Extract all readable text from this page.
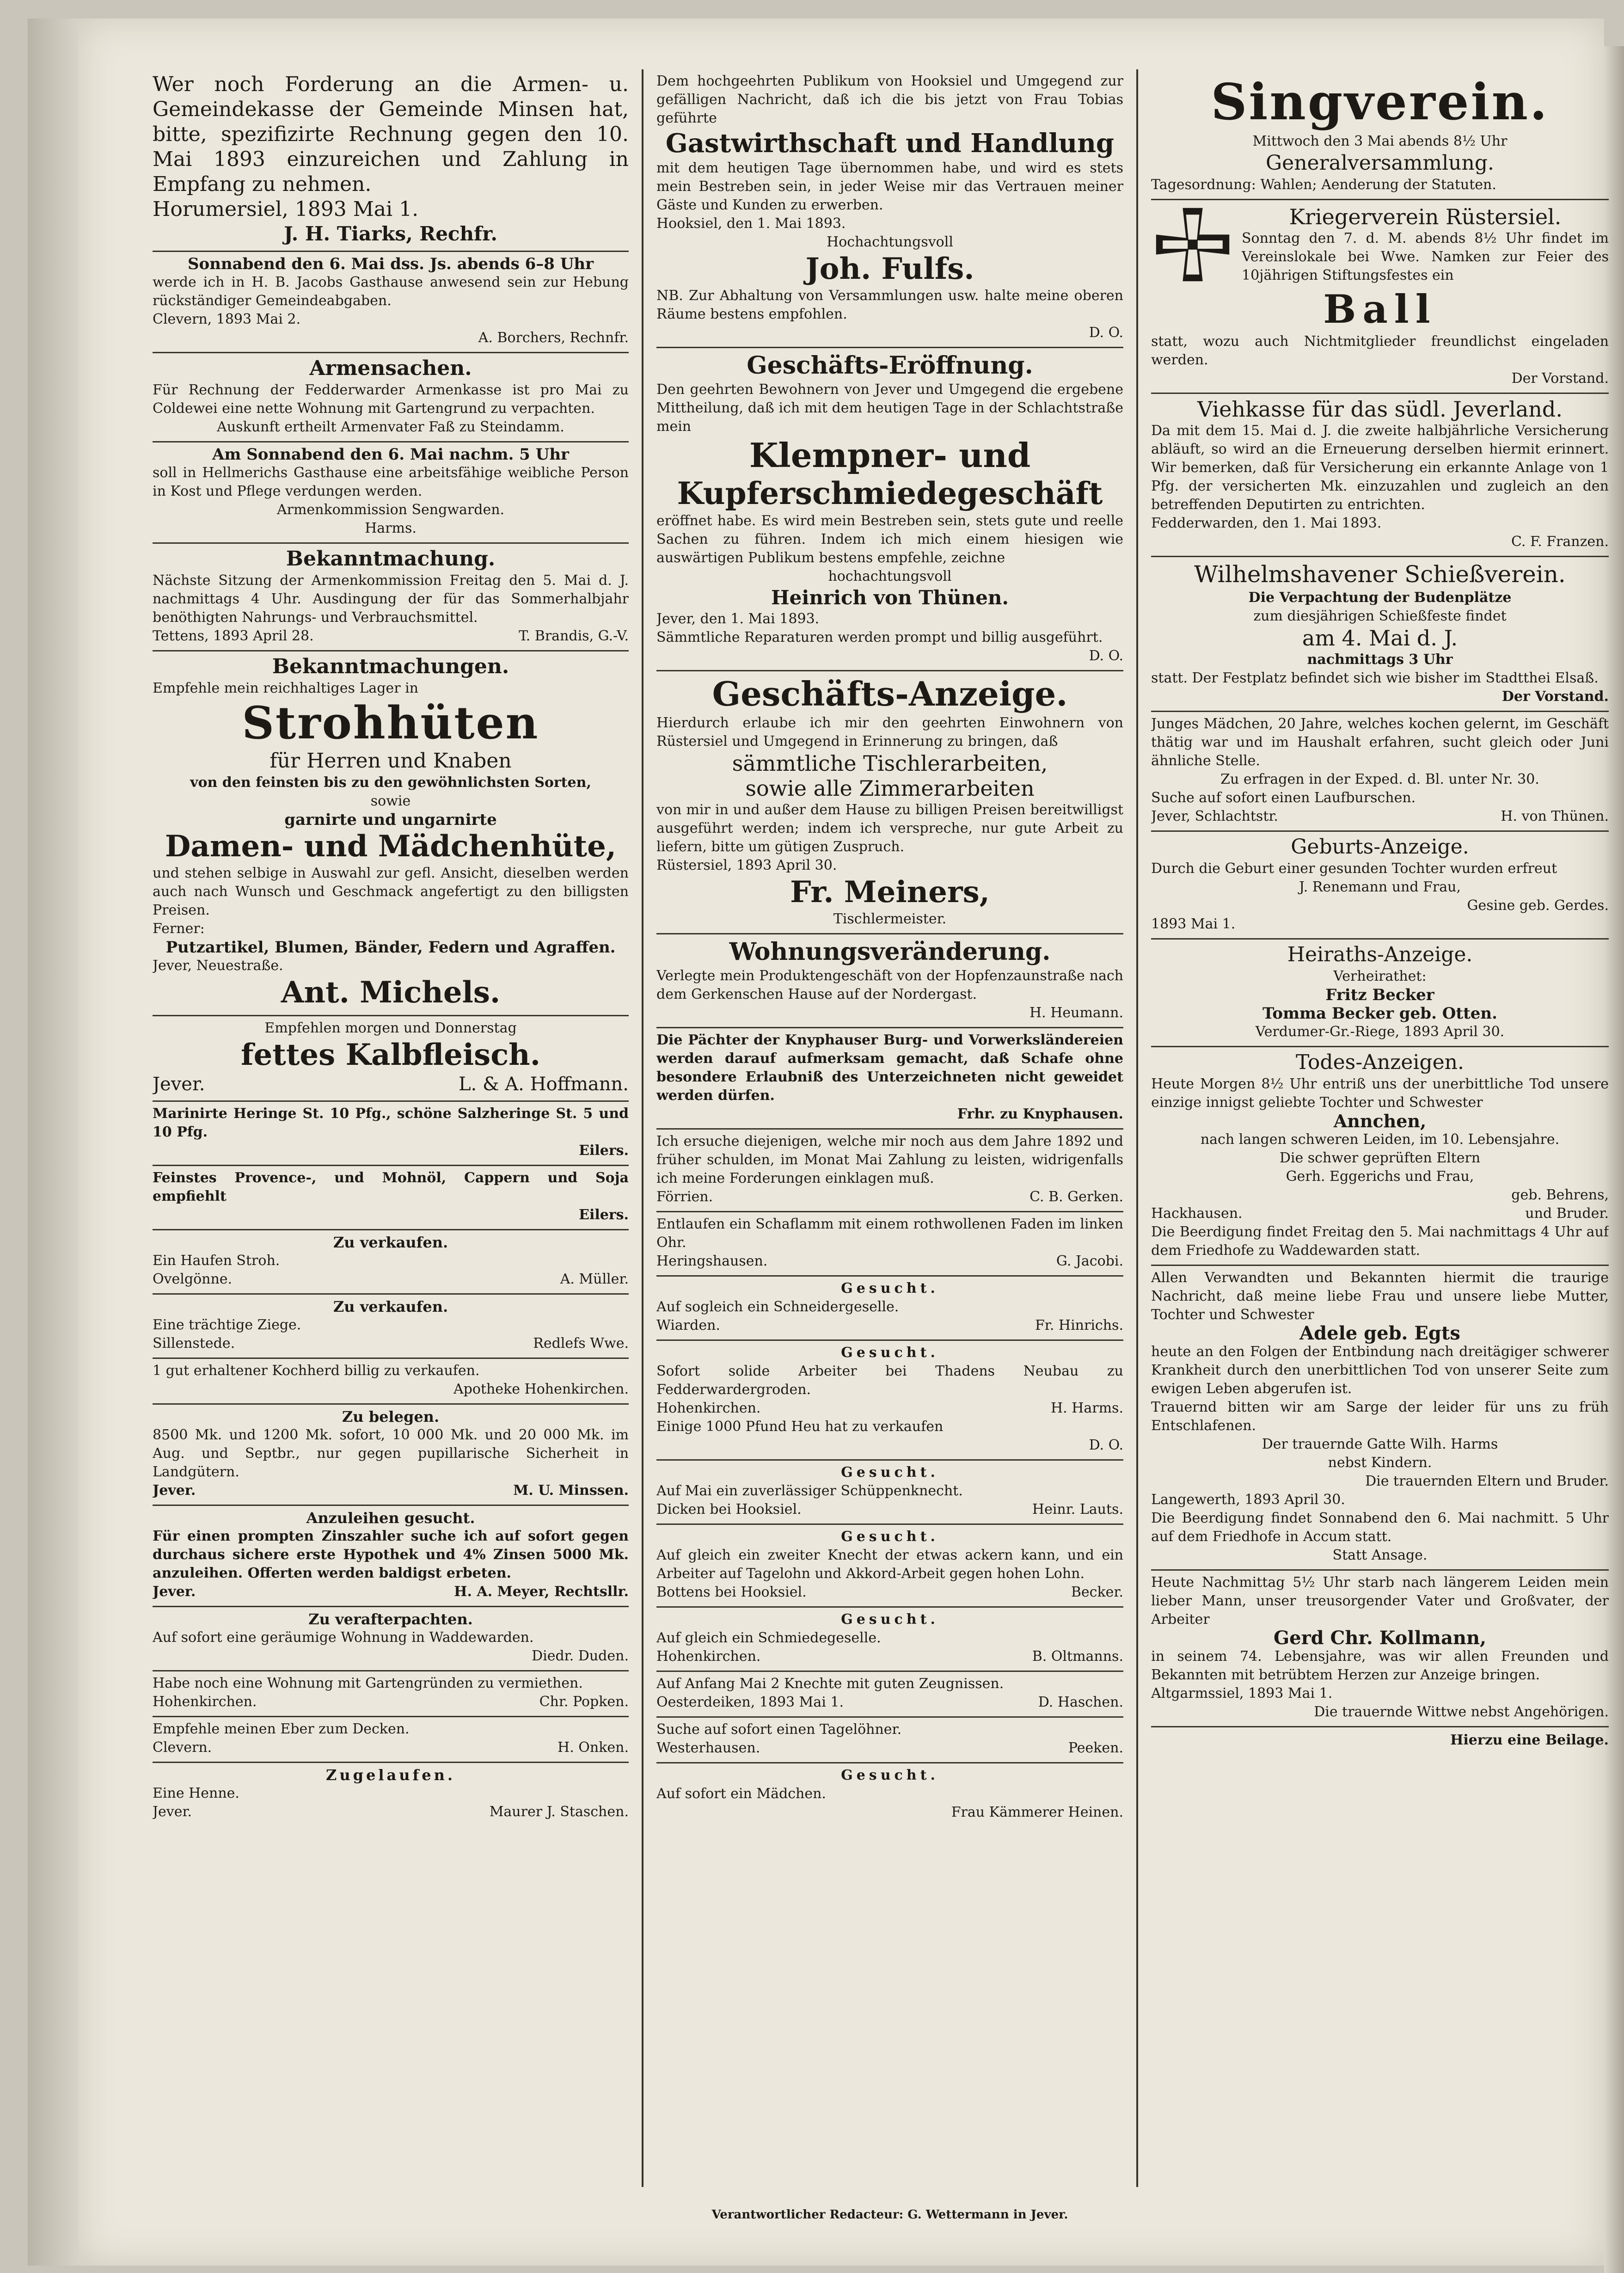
Wer noch Forderung an die Armen- u. Gemeindekasse der Gemeinde Minsen hat, bitte, spezifizirte Rechnung gegen den 10. Mai 1893 einzureichen und Zahlung in Empfang zu nehmen.

Horumersiel, 1893 Mai 1.

J. H. Tiarks, Rechfr.

Sonnabend den 6. Mai dss. Js. abends 6–8 Uhr

werde ich in H. B. Jacobs Gasthause anwesend sein zur Hebung rückständiger Gemeindeabgaben.

Clevern, 1893 Mai 2.

A. Borchers, Rechnfr.

Armensachen.

Für Rechnung der Fedderwarder Armenkasse ist pro Mai zu Coldewei eine nette Wohnung mit Gartengrund zu verpachten.

Auskunft ertheilt Armenvater Faß zu Steindamm.

Am Sonnabend den 6. Mai nachm. 5 Uhr

soll in Hellmerichs Gasthause eine arbeitsfähige weibliche Person in Kost und Pflege verdungen werden.

Armenkommission Sengwarden.

Harms.

Bekanntmachung.

Nächste Sitzung der Armenkommission Freitag den 5. Mai d. J. nachmittags 4 Uhr. Ausdingung der für das Sommerhalbjahr benöthigten Nahrungs- und Verbrauchsmittel.

Tettens, 1893 April 28.	T. Brandis, G.-V.

Bekanntmachungen.

Empfehle mein reichhaltiges Lager in

Strohhüten

für Herren und Knaben

von den feinsten bis zu den gewöhnlichsten Sorten,

sowie

garnirte und ungarnirte

Damen- und Mädchenhüte,

und stehen selbige in Auswahl zur gefl. Ansicht, dieselben werden auch nach Wunsch und Geschmack angefertigt zu den billigsten Preisen.

Ferner:

Putzartikel, Blumen, Bänder, Federn und Agraffen.

Jever, Neuestraße.

Ant. Michels.

Empfehlen morgen und Donnerstag

fettes Kalbfleisch.

Jever.	L. & A. Hoffmann.

Marinirte Heringe St. 10 Pfg., schöne Salzheringe St. 5 und 10 Pfg.

Eilers.

Feinstes Provence-, und Mohnöl, Cappern und Soja empfiehlt

Eilers.

Zu verkaufen.

Ein Haufen Stroh.

Ovelgönne.	A. Müller.

Zu verkaufen.

Eine trächtige Ziege.

Sillenstede.	Redlefs Wwe.

1 gut erhaltener Kochherd billig zu verkaufen.

Apotheke Hohenkirchen.

Zu belegen.

8500 Mk. und 1200 Mk. sofort, 10 000 Mk. und 20 000 Mk. im Aug. und Septbr., nur gegen pupillarische Sicherheit in Landgütern.

Jever.	M. U. Minssen.

Anzuleihen gesucht.

Für einen prompten Zinszahler suche ich auf sofort gegen durchaus sichere erste Hypothek und 4% Zinsen 5000 Mk. anzuleihen. Offerten werden baldigst erbeten.

Jever.	H. A. Meyer, Rechtsllr.

Zu verafterpachten.

Auf sofort eine geräumige Wohnung in Waddewarden.

Diedr. Duden.

Habe noch eine Wohnung mit Gartengründen zu vermiethen.

Hohenkirchen.	Chr. Popken.

Empfehle meinen Eber zum Decken.

Clevern.	H. Onken.

Zugelaufen.

Eine Henne.

Jever.	Maurer J. Staschen.

Dem hochgeehrten Publikum von Hooksiel und Umgegend zur gefälligen Nachricht, daß ich die bis jetzt von Frau Tobias geführte

Gastwirthschaft und Handlung

mit dem heutigen Tage übernommen habe, und wird es stets mein Bestreben sein, in jeder Weise mir das Vertrauen meiner Gäste und Kunden zu erwerben.

Hooksiel, den 1. Mai 1893.

Hochachtungsvoll

Joh. Fulfs.

NB. Zur Abhaltung von Versammlungen usw. halte meine oberen Räume bestens empfohlen.

D. O.

Geschäfts-Eröffnung.

Den geehrten Bewohnern von Jever und Umgegend die ergebene Mittheilung, daß ich mit dem heutigen Tage in der Schlachtstraße mein

Klempner- und

Kupferschmiedegeschäft

eröffnet habe. Es wird mein Bestreben sein, stets gute und reelle Sachen zu führen. Indem ich mich einem hiesigen wie auswärtigen Publikum bestens empfehle, zeichne

hochachtungsvoll

Heinrich von Thünen.

Jever, den 1. Mai 1893.

Sämmtliche Reparaturen werden prompt und billig ausgeführt.

D. O.

Geschäfts-Anzeige.

Hierdurch erlaube ich mir den geehrten Einwohnern von Rüstersiel und Umgegend in Erinnerung zu bringen, daß

sämmtliche Tischlerarbeiten,

sowie alle Zimmerarbeiten

von mir in und außer dem Hause zu billigen Preisen bereitwilligst ausgeführt werden; indem ich verspreche, nur gute Arbeit zu liefern, bitte um gütigen Zuspruch.

Rüstersiel, 1893 April 30.

Fr. Meiners,

Tischlermeister.

Wohnungsveränderung.

Verlegte mein Produktengeschäft von der Hopfenzaunstraße nach dem Gerkenschen Hause auf der Nordergast.

H. Heumann.

Die Pächter der Knyphauser Burg- und Vorwerksländereien werden darauf aufmerksam gemacht, daß Schafe ohne besondere Erlaubniß des Unterzeichneten nicht geweidet werden dürfen.

Frhr. zu Knyphausen.

Ich ersuche diejenigen, welche mir noch aus dem Jahre 1892 und früher schulden, im Monat Mai Zahlung zu leisten, widrigenfalls ich meine Forderungen einklagen muß.

Förrien.	C. B. Gerken.

Entlaufen ein Schaflamm mit einem rothwollenen Faden im linken Ohr.

Heringshausen.	G. Jacobi.

Gesucht.

Auf sogleich ein Schneidergeselle.

Wiarden.	Fr. Hinrichs.

Gesucht.

Sofort solide Arbeiter bei Thadens Neubau zu Fedderwardergroden.

Hohenkirchen.	H. Harms.

Einige 1000 Pfund Heu hat zu verkaufen

D. O.

Gesucht.

Auf Mai ein zuverlässiger Schüppenknecht.

Dicken bei Hooksiel.	Heinr. Lauts.

Gesucht.

Auf gleich ein zweiter Knecht der etwas ackern kann, und ein Arbeiter auf Tagelohn und Akkord-Arbeit gegen hohen Lohn.

Bottens bei Hooksiel.	Becker.

Gesucht.

Auf gleich ein Schmiedegeselle.

Hohenkirchen.	B. Oltmanns.

Auf Anfang Mai 2 Knechte mit guten Zeugnissen.

Oesterdeiken, 1893 Mai 1.	D. Haschen.

Suche auf sofort einen Tagelöhner.

Westerhausen.	Peeken.

Gesucht.

Auf sofort ein Mädchen.

Frau Kämmerer Heinen.

Verantwortlicher Redacteur: G. Wettermann in Jever.

Singverein.

Mittwoch den 3 Mai abends 8½ Uhr

Generalversammlung.

Tagesordnung: Wahlen; Aenderung der Statuten.

Kriegerverein Rüstersiel.

Sonntag den 7. d. M. abends 8½ Uhr findet im Vereinslokale bei Wwe. Namken zur Feier des 10jährigen Stiftungsfestes ein

Ball

statt, wozu auch Nichtmitglieder freundlichst eingeladen werden.

Der Vorstand.

Viehkasse für das südl. Jeverland.

Da mit dem 15. Mai d. J. die zweite halbjährliche Versicherung abläuft, so wird an die Erneuerung derselben hiermit erinnert. Wir bemerken, daß für Versicherung ein erkannte Anlage von 1 Pfg. der versicherten Mk. einzuzahlen und zugleich an den betreffenden Deputirten zu entrichten.

Fedderwarden, den 1. Mai 1893.

C. F. Franzen.

Wilhelmshavener Schießverein.

Die Verpachtung der Budenplätze

zum diesjährigen Schießfeste findet

am 4. Mai d. J.

nachmittags 3 Uhr

statt. Der Festplatz befindet sich wie bisher im Stadtthei Elsaß.

Der Vorstand.

Junges Mädchen, 20 Jahre, welches kochen gelernt, im Geschäft thätig war und im Haushalt erfahren, sucht gleich oder Juni ähnliche Stelle.

Zu erfragen in der Exped. d. Bl. unter Nr. 30.

Suche auf sofort einen Laufburschen.

Jever, Schlachtstr.	H. von Thünen.

Geburts-Anzeige.

Durch die Geburt einer gesunden Tochter wurden erfreut

J. Renemann und Frau,

Gesine geb. Gerdes.

1893 Mai 1.

Heiraths-Anzeige.

Verheirathet:

Fritz Becker

Tomma Becker geb. Otten.

Verdumer-Gr.-Riege, 1893 April 30.

Todes-Anzeigen.

Heute Morgen 8½ Uhr entriß uns der unerbittliche Tod unsere einzige innigst geliebte Tochter und Schwester

Annchen,

nach langen schweren Leiden, im 10. Lebensjahre.

Die schwer geprüften Eltern

Gerh. Eggerichs und Frau,

geb. Behrens,

Hackhausen.	und Bruder.

Die Beerdigung findet Freitag den 5. Mai nachmittags 4 Uhr auf dem Friedhofe zu Waddewarden statt.

Allen Verwandten und Bekannten hiermit die traurige Nachricht, daß meine liebe Frau und unsere liebe Mutter, Tochter und Schwester

Adele geb. Egts

heute an den Folgen der Entbindung nach dreitägiger schwerer Krankheit durch den unerbittlichen Tod von unserer Seite zum ewigen Leben abgerufen ist.

Trauernd bitten wir am Sarge der leider für uns zu früh Entschlafenen.

Der trauernde Gatte Wilh. Harms

nebst Kindern.

Die trauernden Eltern und Bruder.

Langewerth, 1893 April 30.

Die Beerdigung findet Sonnabend den 6. Mai nachmitt. 5 Uhr auf dem Friedhofe in Accum statt.

Statt Ansage.

Heute Nachmittag 5½ Uhr starb nach längerem Leiden mein lieber Mann, unser treusorgender Vater und Großvater, der Arbeiter

Gerd Chr. Kollmann,

in seinem 74. Lebensjahre, was wir allen Freunden und Bekannten mit betrübtem Herzen zur Anzeige bringen.

Altgarmssiel, 1893 Mai 1.

Die trauernde Wittwe nebst Angehörigen.

Hierzu eine Beilage.
